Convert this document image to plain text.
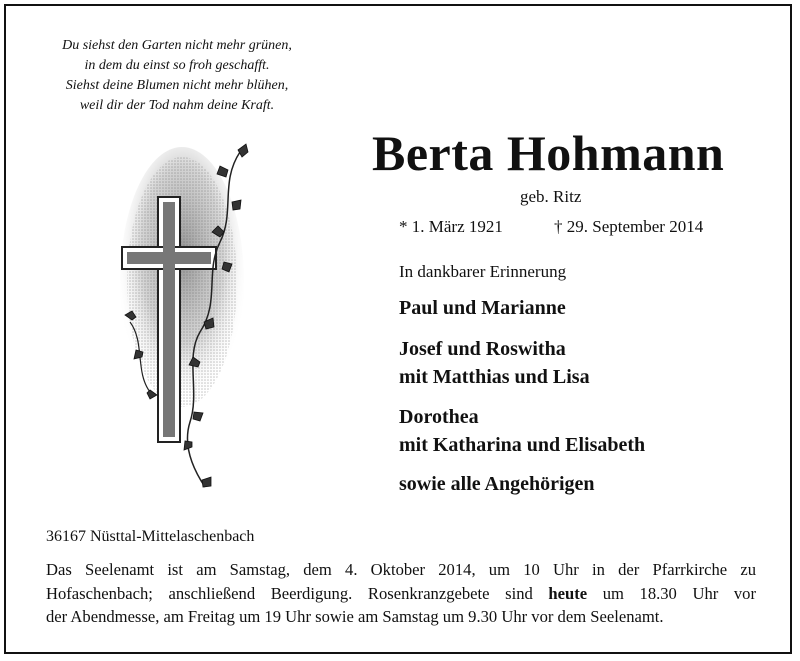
Du siehst den Garten nicht mehr grünen,
in dem du einst so froh geschafft.
Siehst deine Blumen nicht mehr blühen,
weil dir der Tod nahm deine Kraft.
Berta Hohmann
geb. Ritz
* 1. März 1921	† 29. September 2014
In dankbarer Erinnerung
Paul und Marianne
Josef und Roswitha
mit Matthias und Lisa
Dorothea
mit Katharina und Elisabeth
sowie alle Angehörigen
36167 Nüsttal-Mittelaschenbach
Das Seelenamt ist am Samstag, dem 4. Oktober 2014, um 10 Uhr in der Pfarrkirche zu
Hofaschenbach; anschließend Beerdigung. Rosenkranzgebete sind heute um 18.30 Uhr vor
der Abendmesse, am Freitag um 19 Uhr sowie am Samstag um 9.30 Uhr vor dem Seelenamt.
